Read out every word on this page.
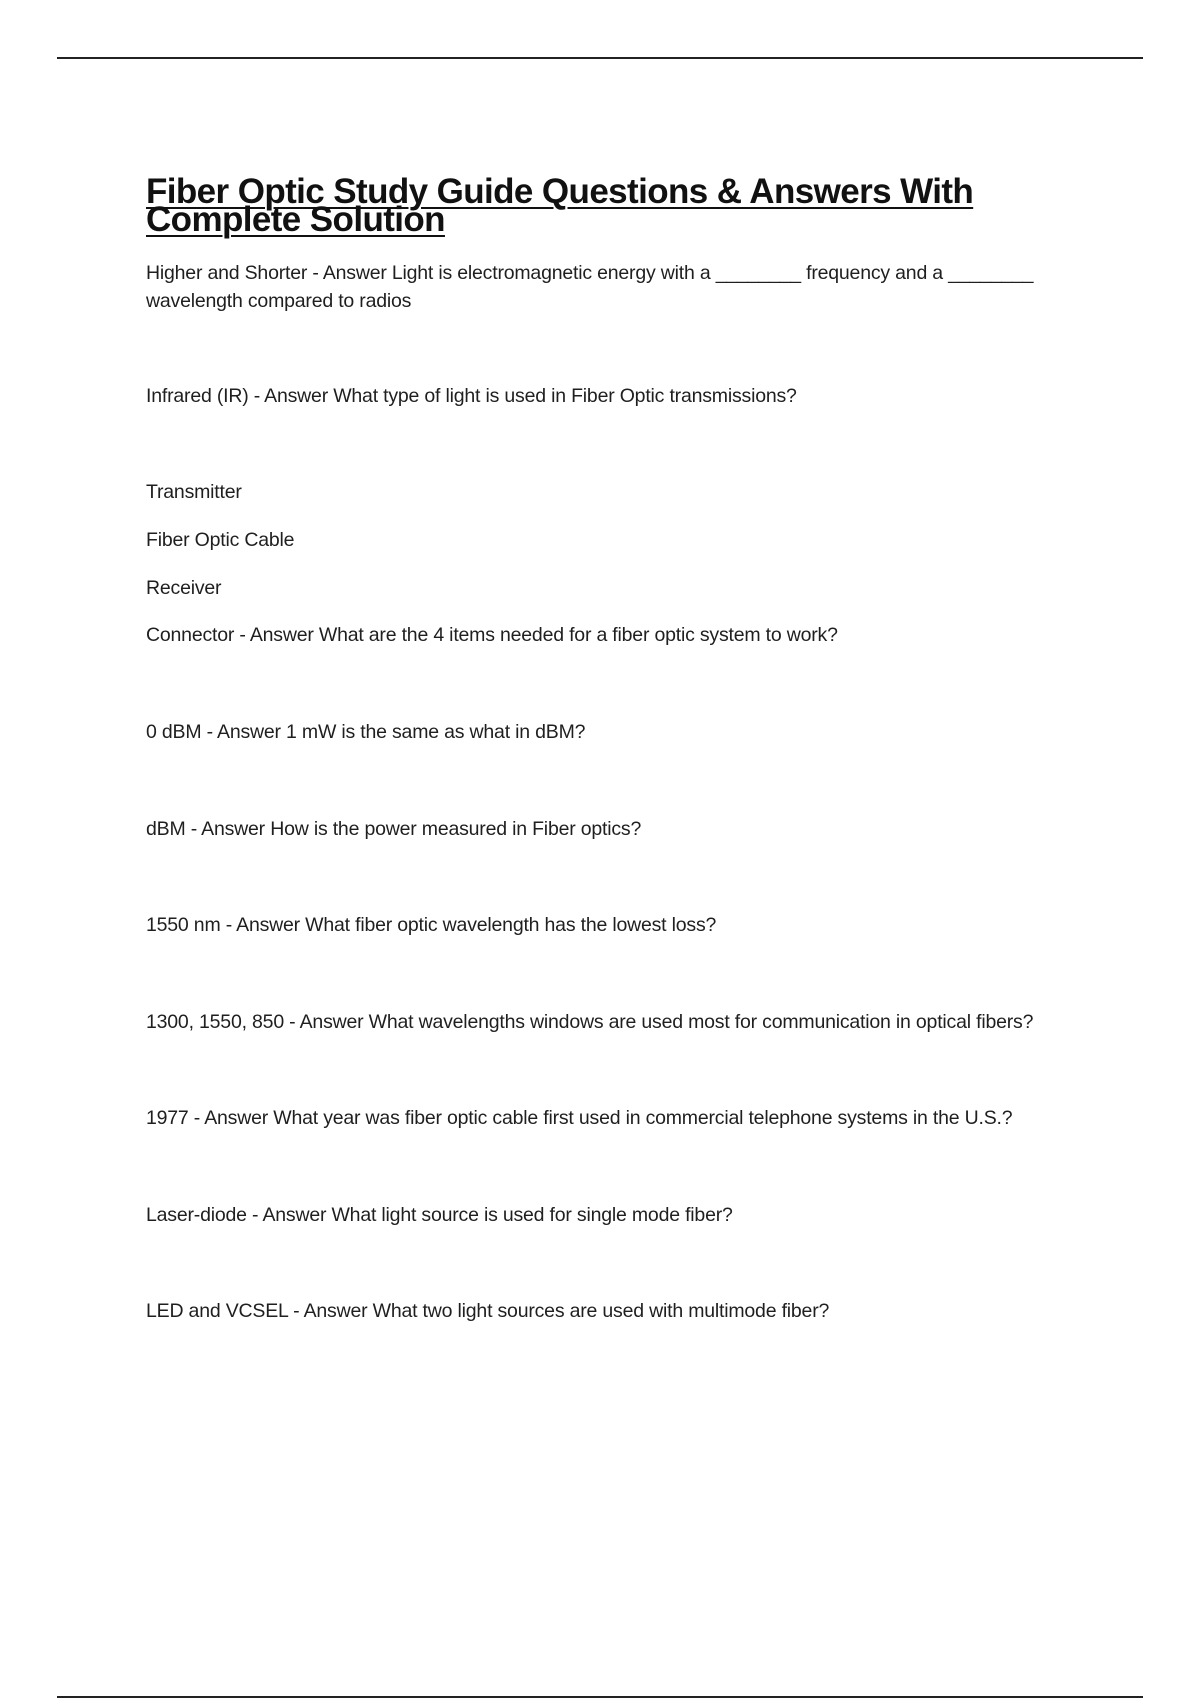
Fiber Optic Study Guide Questions & Answers With
Complete Solution

Higher and Shorter - Answer Light is electromagnetic energy with a ________ frequency and a ________ wavelength compared to radios

Infrared (IR) - Answer What type of light is used in Fiber Optic transmissions?

Transmitter

Fiber Optic Cable

Receiver

Connector - Answer What are the 4 items needed for a fiber optic system to work?

0 dBM - Answer 1 mW is the same as what in dBM?

dBM - Answer How is the power measured in Fiber optics?

1550 nm - Answer What fiber optic wavelength has the lowest loss?

1300, 1550, 850 - Answer What wavelengths windows are used most for communication in optical fibers?

1977 - Answer What year was fiber optic cable first used in commercial telephone systems in the U.S.?

Laser-diode - Answer What light source is used for single mode fiber?

LED and VCSEL - Answer What two light sources are used with multimode fiber?
